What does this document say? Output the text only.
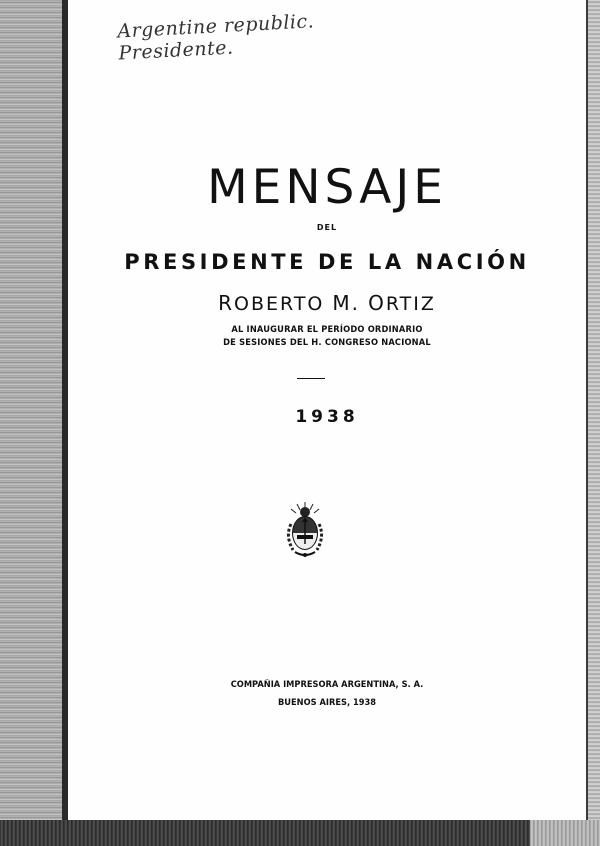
Argentine republic. Presidente.
MENSAJE
DEL
PRESIDENTE DE LA NACIÓN
ROBERTO M. ORTIZ
AL INAUGURAR EL PERÍODO ORDINARIO
DE SESIONES DEL H. CONGRESO NACIONAL
1938
COMPAÑIA IMPRESORA ARGENTINA, S. A.
BUENOS AIRES, 1938
